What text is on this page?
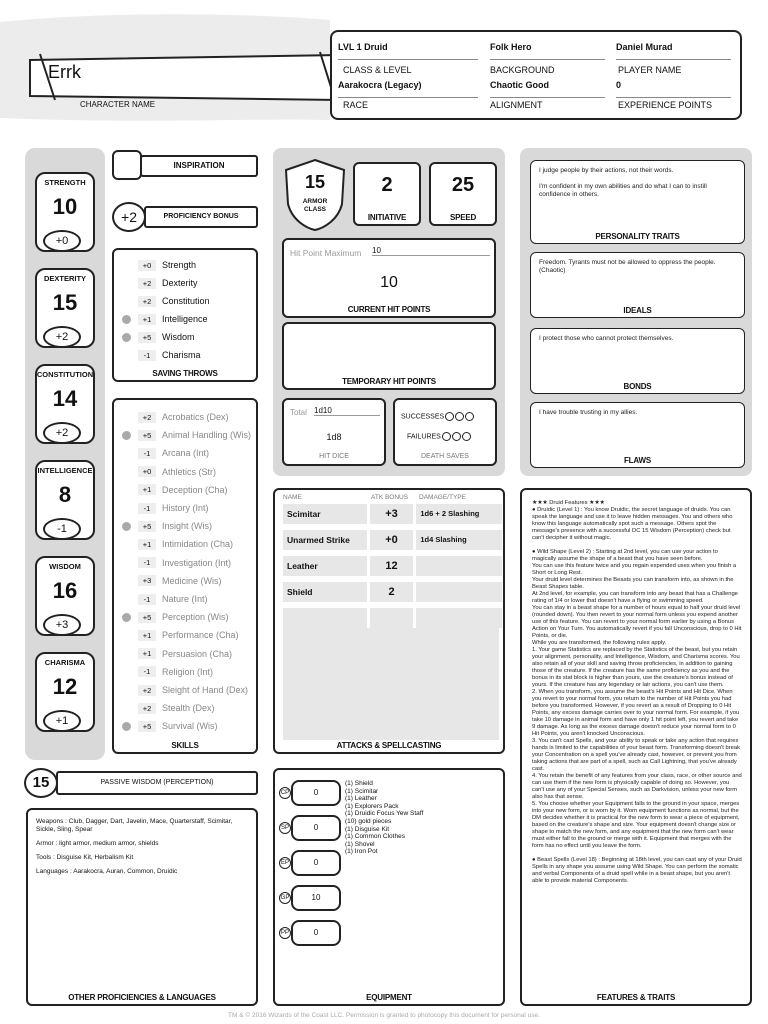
Errk
CHARACTER NAME
LVL 1 Druid
CLASS & LEVEL
Folk Hero
BACKGROUND
Daniel Murad
PLAYER NAME
Aarakocra (Legacy)
RACE
Chaotic Good
ALIGNMENT
0
EXPERIENCE POINTS
STRENGTH
10
+0
DEXTERITY
15
+2
CONSTITUTION
14
+2
INTELLIGENCE
8
-1
WISDOM
16
+3
CHARISMA
12
+1
INSPIRATION
+2	PROFICIENCY BONUS
+0	Strength
+2	Dexterity
+2	Constitution
+1	Intelligence
+5	Wisdom
-1	Charisma
SAVING THROWS
+2	Acrobatics (Dex)
+5	Animal Handling (Wis)
-1	Arcana (Int)
+0	Athletics (Str)
+1	Deception (Cha)
-1	History (Int)
+5	Insight (Wis)
+1	Intimidation (Cha)
-1	Investigation (Int)
+3	Medicine (Wis)
-1	Nature (Int)
+5	Perception (Wis)
+1	Performance (Cha)
+1	Persuasion (Cha)
-1	Religion (Int)
+2	Sleight of Hand (Dex)
+2	Stealth (Dex)
+5	Survival (Wis)
SKILLS
15	PASSIVE WISDOM (PERCEPTION)
Weapons : Club, Dagger, Dart, Javelin, Mace, Quarterstaff, Scimitar, Sickle, Sling, Spear
Armor : light armor, medium armor, shields
Tools : Disguise Kit, Herbalism Kit
Languages : Aarakocra, Auran, Common, Druidic
OTHER PROFICIENCIES & LANGUAGES
15
ARMOR CLASS
2
INITIATIVE
25
SPEED
Hit Point Maximum 10
10
CURRENT HIT POINTS
TEMPORARY HIT POINTS
Total 1d10
1d8
HIT DICE
SUCCESSES
FAILURES
DEATH SAVES
NAME	ATK BONUS DAMAGE/TYPE
Scimitar	+3	1d6 + 2 Slashing
Unarmed Strike	+0	1d4 Slashing
Leather	12
Shield	2
ATTACKS & SPELLCASTING
0
CP
0
SP
0
EP
10
GP
0
PP
(1) Shield
(1) Scimitar
(1) Leather
(1) Explorers Pack
(1) Druidic Focus Yew Staff
(10) gold pieces
(1) Disguise Kit
(1) Common Clothes
(1) Shovel
(1) Iron Pot
EQUIPMENT
I judge people by their actions, not their words.

I'm confident in my own abilities and do what I can to instill confidence in others.
PERSONALITY TRAITS
Freedom. Tyrants must not be allowed to oppress the people. (Chaotic)
IDEALS
I protect those who cannot protect themselves.
BONDS
I have trouble trusting in my allies.
FLAWS
★★★ Druid Features ★★★
● Druidic (Level 1) : You know Druidic, the secret language of druids. You can speak the language and use it to leave hidden messages. You and others who know this language automatically spot such a message. Others spot the message's presence with a successful DC 15 Wisdom (Perception) check but can't decipher it without magic.

● Wild Shape (Level 2) : Starting at 2nd level, you can use your action to magically assume the shape of a beast that you have seen before.
You can use this feature twice and you regain expended uses when you finish a Short or Long Rest.
Your druid level determines the Beasts you can transform into, as shown in the Beast Shapes table.
At 2nd level, for example, you can transform into any beast that has a Challenge rating of 1/4 or lower that doesn't have a flying or swimming speed.
You can stay in a beast shape for a number of hours equal to half your druid level (rounded down). You then revert to your normal form unless you expend another use of this feature. You can revert to your normal form earlier by using a Bonus Action on Your Turn. You automatically revert if you fall Unconscious, drop to 0 Hit Points, or die.
While you are transformed, the following rules apply.
1. Your game Statistics are replaced by the Statistics of the beast, but you retain your alignment, personality, and Intelligence, Wisdom, and Charisma scores. You also retain all of your skill and saving throw proficiencies, in addition to gaining those of the creature. If the creature has the same proficiency as you and the bonus in its stat block is higher than yours, use the creature's bonus instead of yours. If the creature has any legendary or lair actions, you can't use them.
2. When you transform, you assume the beast's Hit Points and Hit Dice. When you revert to your normal form, you return to the number of Hit Points you had before you transformed. However, if you revert as a result of Dropping to 0 Hit Points, any excess damage carries over to your normal form. For example, if you take 10 damage in animal form and have only 1 hit point left, you revert and take 9 damage. As long as the excess damage doesn't reduce your normal form to 0 Hit Points, you aren't knocked Unconscious.
3. You can't cast Spells, and your ability to speak or take any action that requires hands is limited to the capabilities of your beast form. Transforming doesn't break your Concentration on a spell you've already cast, however, or prevent you from taking actions that are part of a spell, such as Call Lightning, that you've already cast.
4. You retain the benefit of any features from your class, race, or other source and can use them if the new form is physically capable of doing so. However, you can't use any of your Special Senses, such as Darkvision, unless your new form also has that sense.
5. You choose whether your Equipment falls to the ground in your space, merges into your new form, or is worn by it. Worn equipment functions as normal, but the DM decides whether it is practical for the new form to wear a piece of equipment, based on the creature's shape and size. Your equipment doesn't change size or shape to match the new form, and any equipment that the new form can't wear must either fall to the ground or merge with it. Equipment that merges with the form has no effect until you leave the form.

● Beast Spells (Level 18) : Beginning at 18th level, you can cast any of your Druid Spells in any shape you assume using Wild Shape. You can perform the somatic and verbal Components of a druid spell while in a beast shape, but you aren't able to provide material Components.
FEATURES & TRAITS
TM & © 2016 Wizards of the Coast LLC. Permission is granted to photocopy this document for personal use.
